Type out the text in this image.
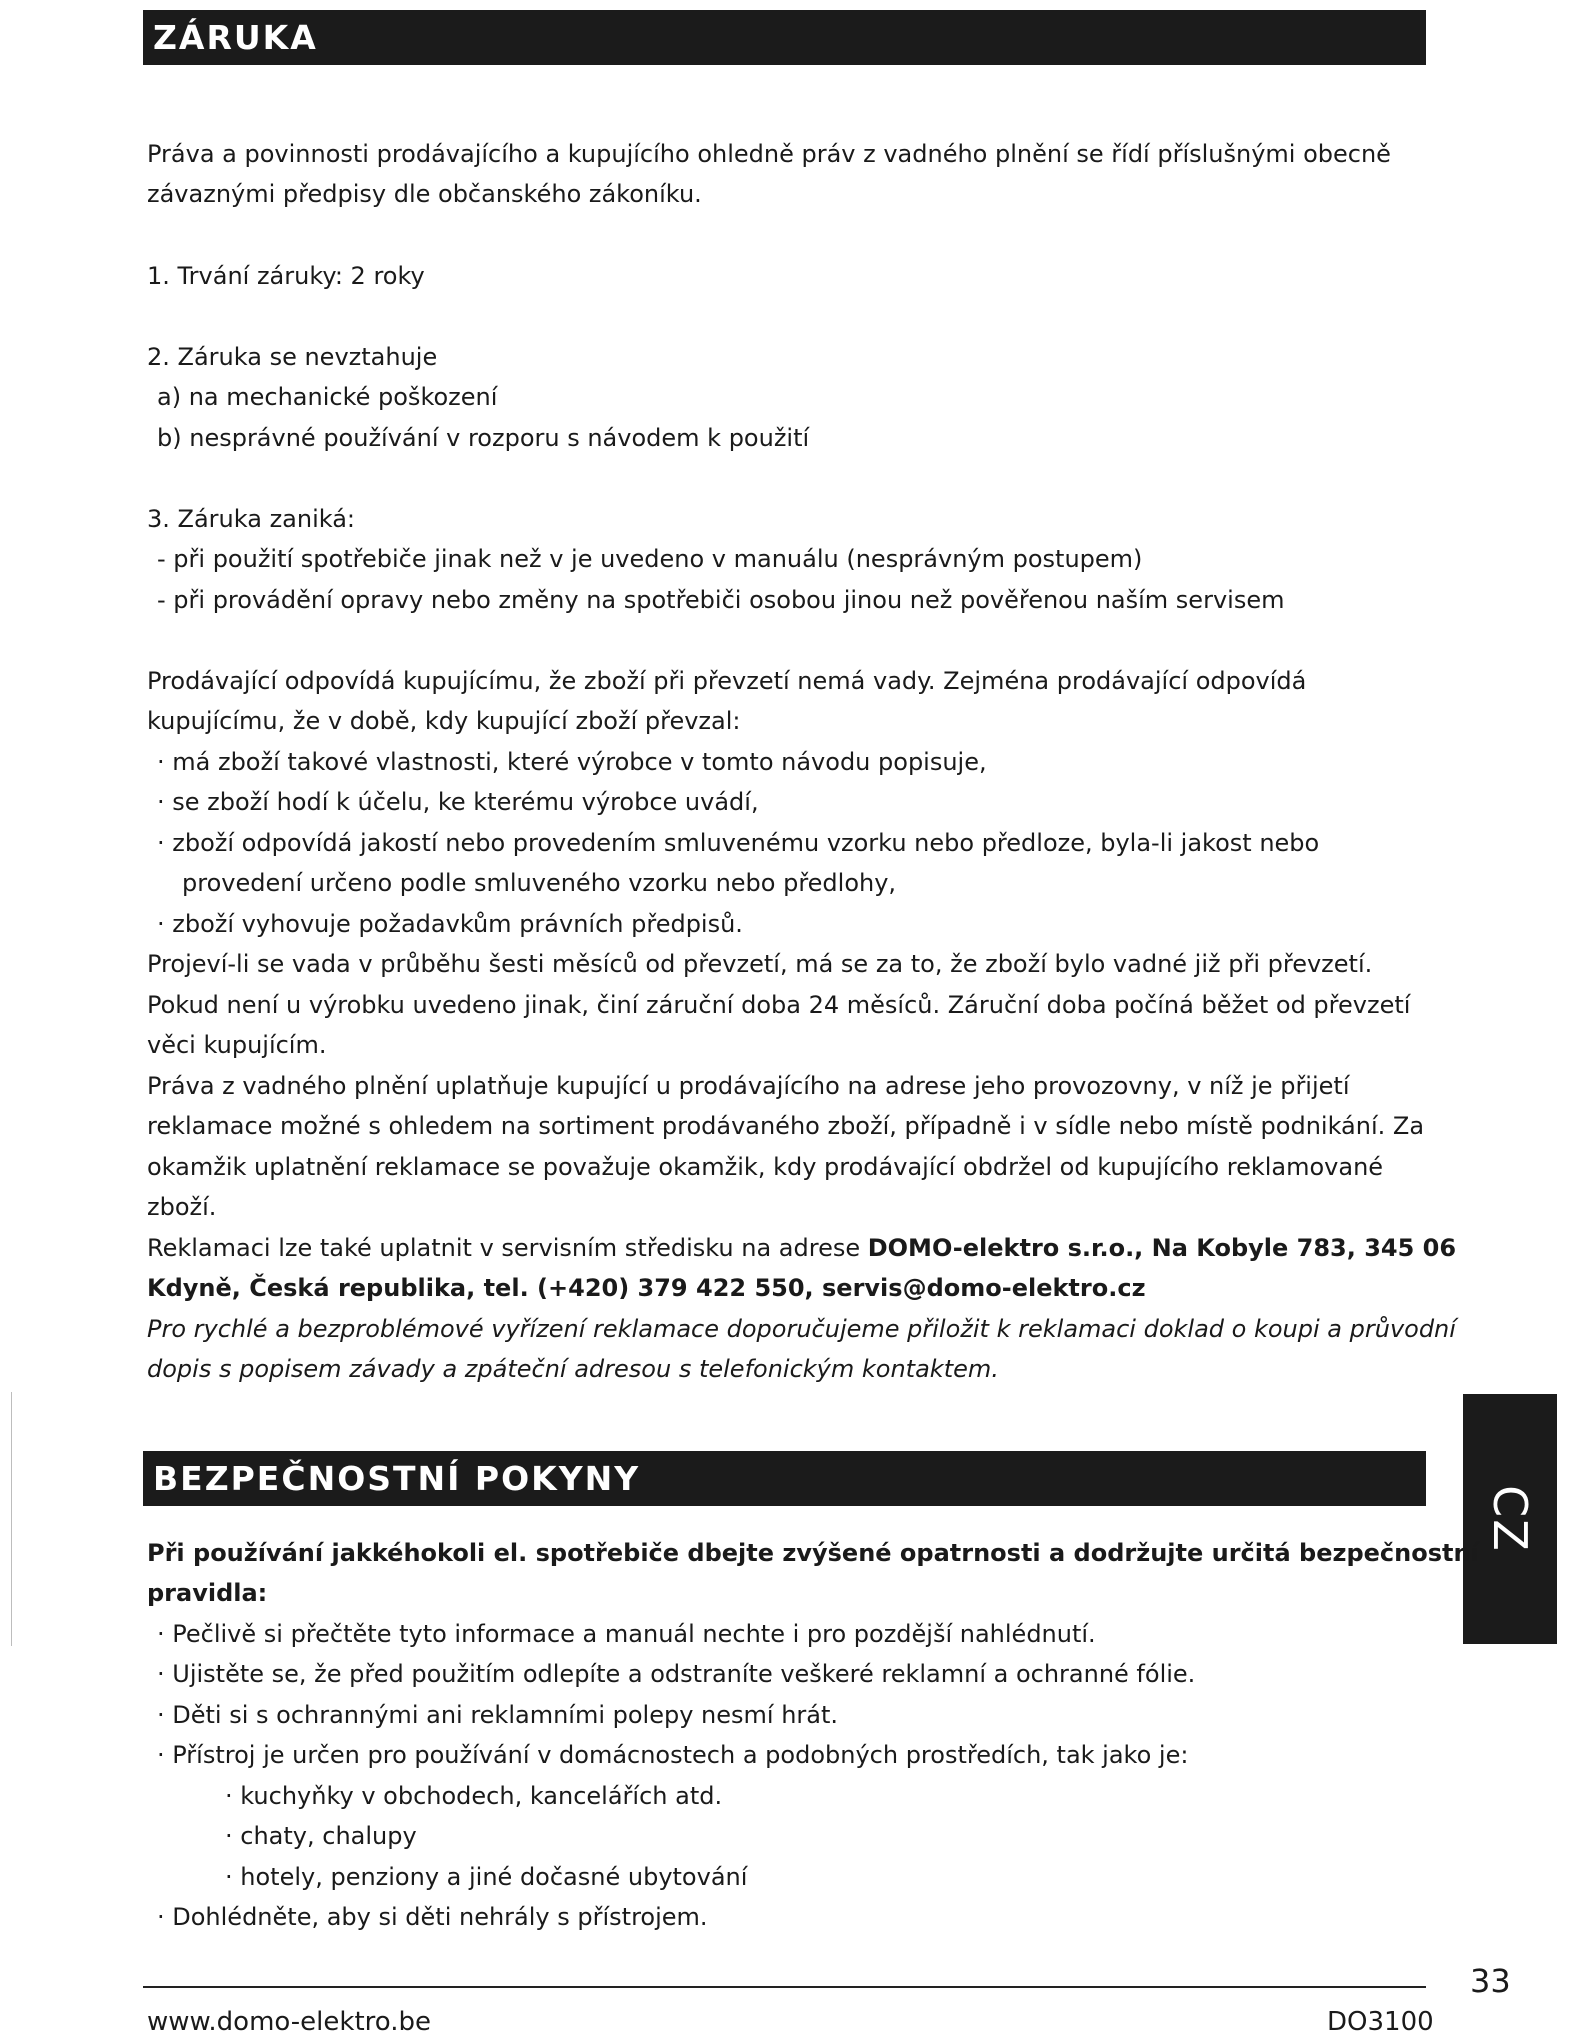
ZÁRUKA
Práva a povinnosti prodávajícího a kupujícího ohledně práv z vadného plnění se řídí příslušnými obecně
závaznými předpisy dle občanského zákoníku.
1. Trvání záruky: 2 roky
2. Záruka se nevztahuje
a) na mechanické poškození
b) nesprávné používání v rozporu s návodem k použití
3. Záruka zaniká:
- při použití spotřebiče jinak než v je uvedeno v manuálu (nesprávným postupem)
- při provádění opravy nebo změny na spotřebiči osobou jinou než pověřenou naším servisem
Prodávající odpovídá kupujícímu, že zboží při převzetí nemá vady. Zejména prodávající odpovídá
kupujícímu, že v době, kdy kupující zboží převzal:
· má zboží takové vlastnosti, které výrobce v tomto návodu popisuje,
· se zboží hodí k účelu, ke kterému výrobce uvádí,
· zboží odpovídá jakostí nebo provedením smluvenému vzorku nebo předloze, byla-li jakost nebo
provedení určeno podle smluveného vzorku nebo předlohy,
· zboží vyhovuje požadavkům právních předpisů.
Projeví-li se vada v průběhu šesti měsíců od převzetí, má se za to, že zboží bylo vadné již při převzetí.
Pokud není u výrobku uvedeno jinak, činí záruční doba 24 měsíců. Záruční doba počíná běžet od převzetí
věci kupujícím.
Práva z vadného plnění uplatňuje kupující u prodávajícího na adrese jeho provozovny, v níž je přijetí
reklamace možné s ohledem na sortiment prodávaného zboží, případně i v sídle nebo místě podnikání. Za
okamžik uplatnění reklamace se považuje okamžik, kdy prodávající obdržel od kupujícího reklamované
zboží.
Reklamaci lze také uplatnit v servisním středisku na adrese DOMO-elektro s.r.o., Na Kobyle 783, 345 06
Kdyně, Česká republika, tel. (+420) 379 422 550, servis@domo-elektro.cz
Pro rychlé a bezproblémové vyřízení reklamace doporučujeme přiložit k reklamaci doklad o koupi a průvodní
dopis s popisem závady a zpáteční adresou s telefonickým kontaktem.
CZ
BEZPEČNOSTNÍ POKYNY
Při používání jakkéhokoli el. spotřebiče dbejte zvýšené opatrnosti a dodržujte určitá bezpečnostní
pravidla:
· Pečlivě si přečtěte tyto informace a manuál nechte i pro pozdější nahlédnutí.
· Ujistěte se, že před použitím odlepíte a odstraníte veškeré reklamní a ochranné fólie.
· Děti si s ochrannými ani reklamními polepy nesmí hrát.
· Přístroj je určen pro používání v domácnostech a podobných prostředích, tak jako je:
· kuchyňky v obchodech, kancelářích atd.
· chaty, chalupy
· hotely, penziony a jiné dočasné ubytování
· Dohlédněte, aby si děti nehrály s přístrojem.
33
www.domo-elektro.be	DO3100
